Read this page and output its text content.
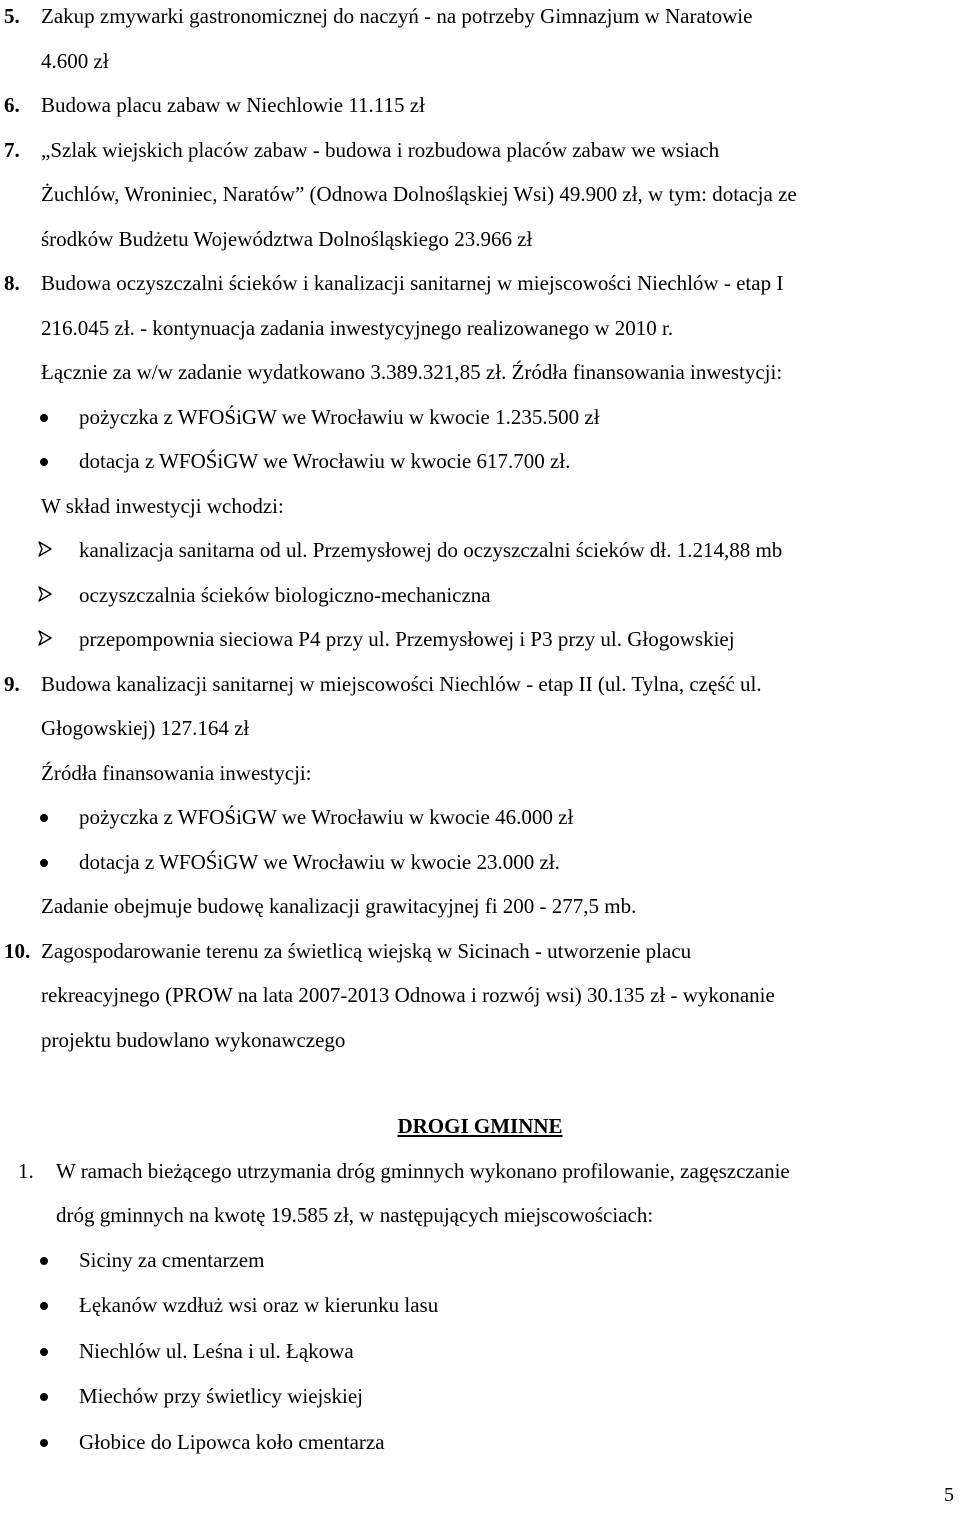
5. Zakup zmywarki gastronomicznej do naczyń - na potrzeby Gimnazjum w Naratowie
4.600 zł
6. Budowa placu zabaw w Niechlowie 11.115 zł
7. „Szlak wiejskich placów zabaw - budowa i rozbudowa placów zabaw we wsiach
Żuchlów, Wroniniec, Naratów” (Odnowa Dolnośląskiej Wsi) 49.900 zł, w tym: dotacja ze
środków Budżetu Województwa Dolnośląskiego 23.966 zł
8. Budowa oczyszczalni ścieków i kanalizacji sanitarnej w miejscowości Niechlów - etap I
216.045 zł. - kontynuacja zadania inwestycyjnego realizowanego w 2010 r.
Łącznie za w/w zadanie wydatkowano 3.389.321,85 zł. Źródła finansowania inwestycji:
pożyczka z WFOŚiGW we Wrocławiu w kwocie 1.235.500 zł
dotacja z WFOŚiGW we Wrocławiu w kwocie 617.700 zł.
W skład inwestycji wchodzi:
kanalizacja sanitarna od ul. Przemysłowej do oczyszczalni ścieków dł. 1.214,88 mb
oczyszczalnia ścieków biologiczno-mechaniczna
przepompownia sieciowa P4 przy ul. Przemysłowej i P3 przy ul. Głogowskiej
9. Budowa kanalizacji sanitarnej w miejscowości Niechlów - etap II (ul. Tylna, część ul.
Głogowskiej) 127.164 zł
Źródła finansowania inwestycji:
pożyczka z WFOŚiGW we Wrocławiu w kwocie 46.000 zł
dotacja z WFOŚiGW we Wrocławiu w kwocie 23.000 zł.
Zadanie obejmuje budowę kanalizacji grawitacyjnej fi 200 - 277,5 mb.
10. Zagospodarowanie terenu za świetlicą wiejską w Sicinach - utworzenie placu
rekreacyjnego (PROW na lata 2007-2013 Odnowa i rozwój wsi) 30.135 zł - wykonanie
projektu budowlano wykonawczego
DROGI GMINNE
1. W ramach bieżącego utrzymania dróg gminnych wykonano profilowanie, zagęszczanie
dróg gminnych na kwotę 19.585 zł, w następujących miejscowościach:
Siciny za cmentarzem
Łękanów wzdłuż wsi oraz w kierunku lasu
Niechlów ul. Leśna i ul. Łąkowa
Miechów przy świetlicy wiejskiej
Głobice do Lipowca koło cmentarza
5
